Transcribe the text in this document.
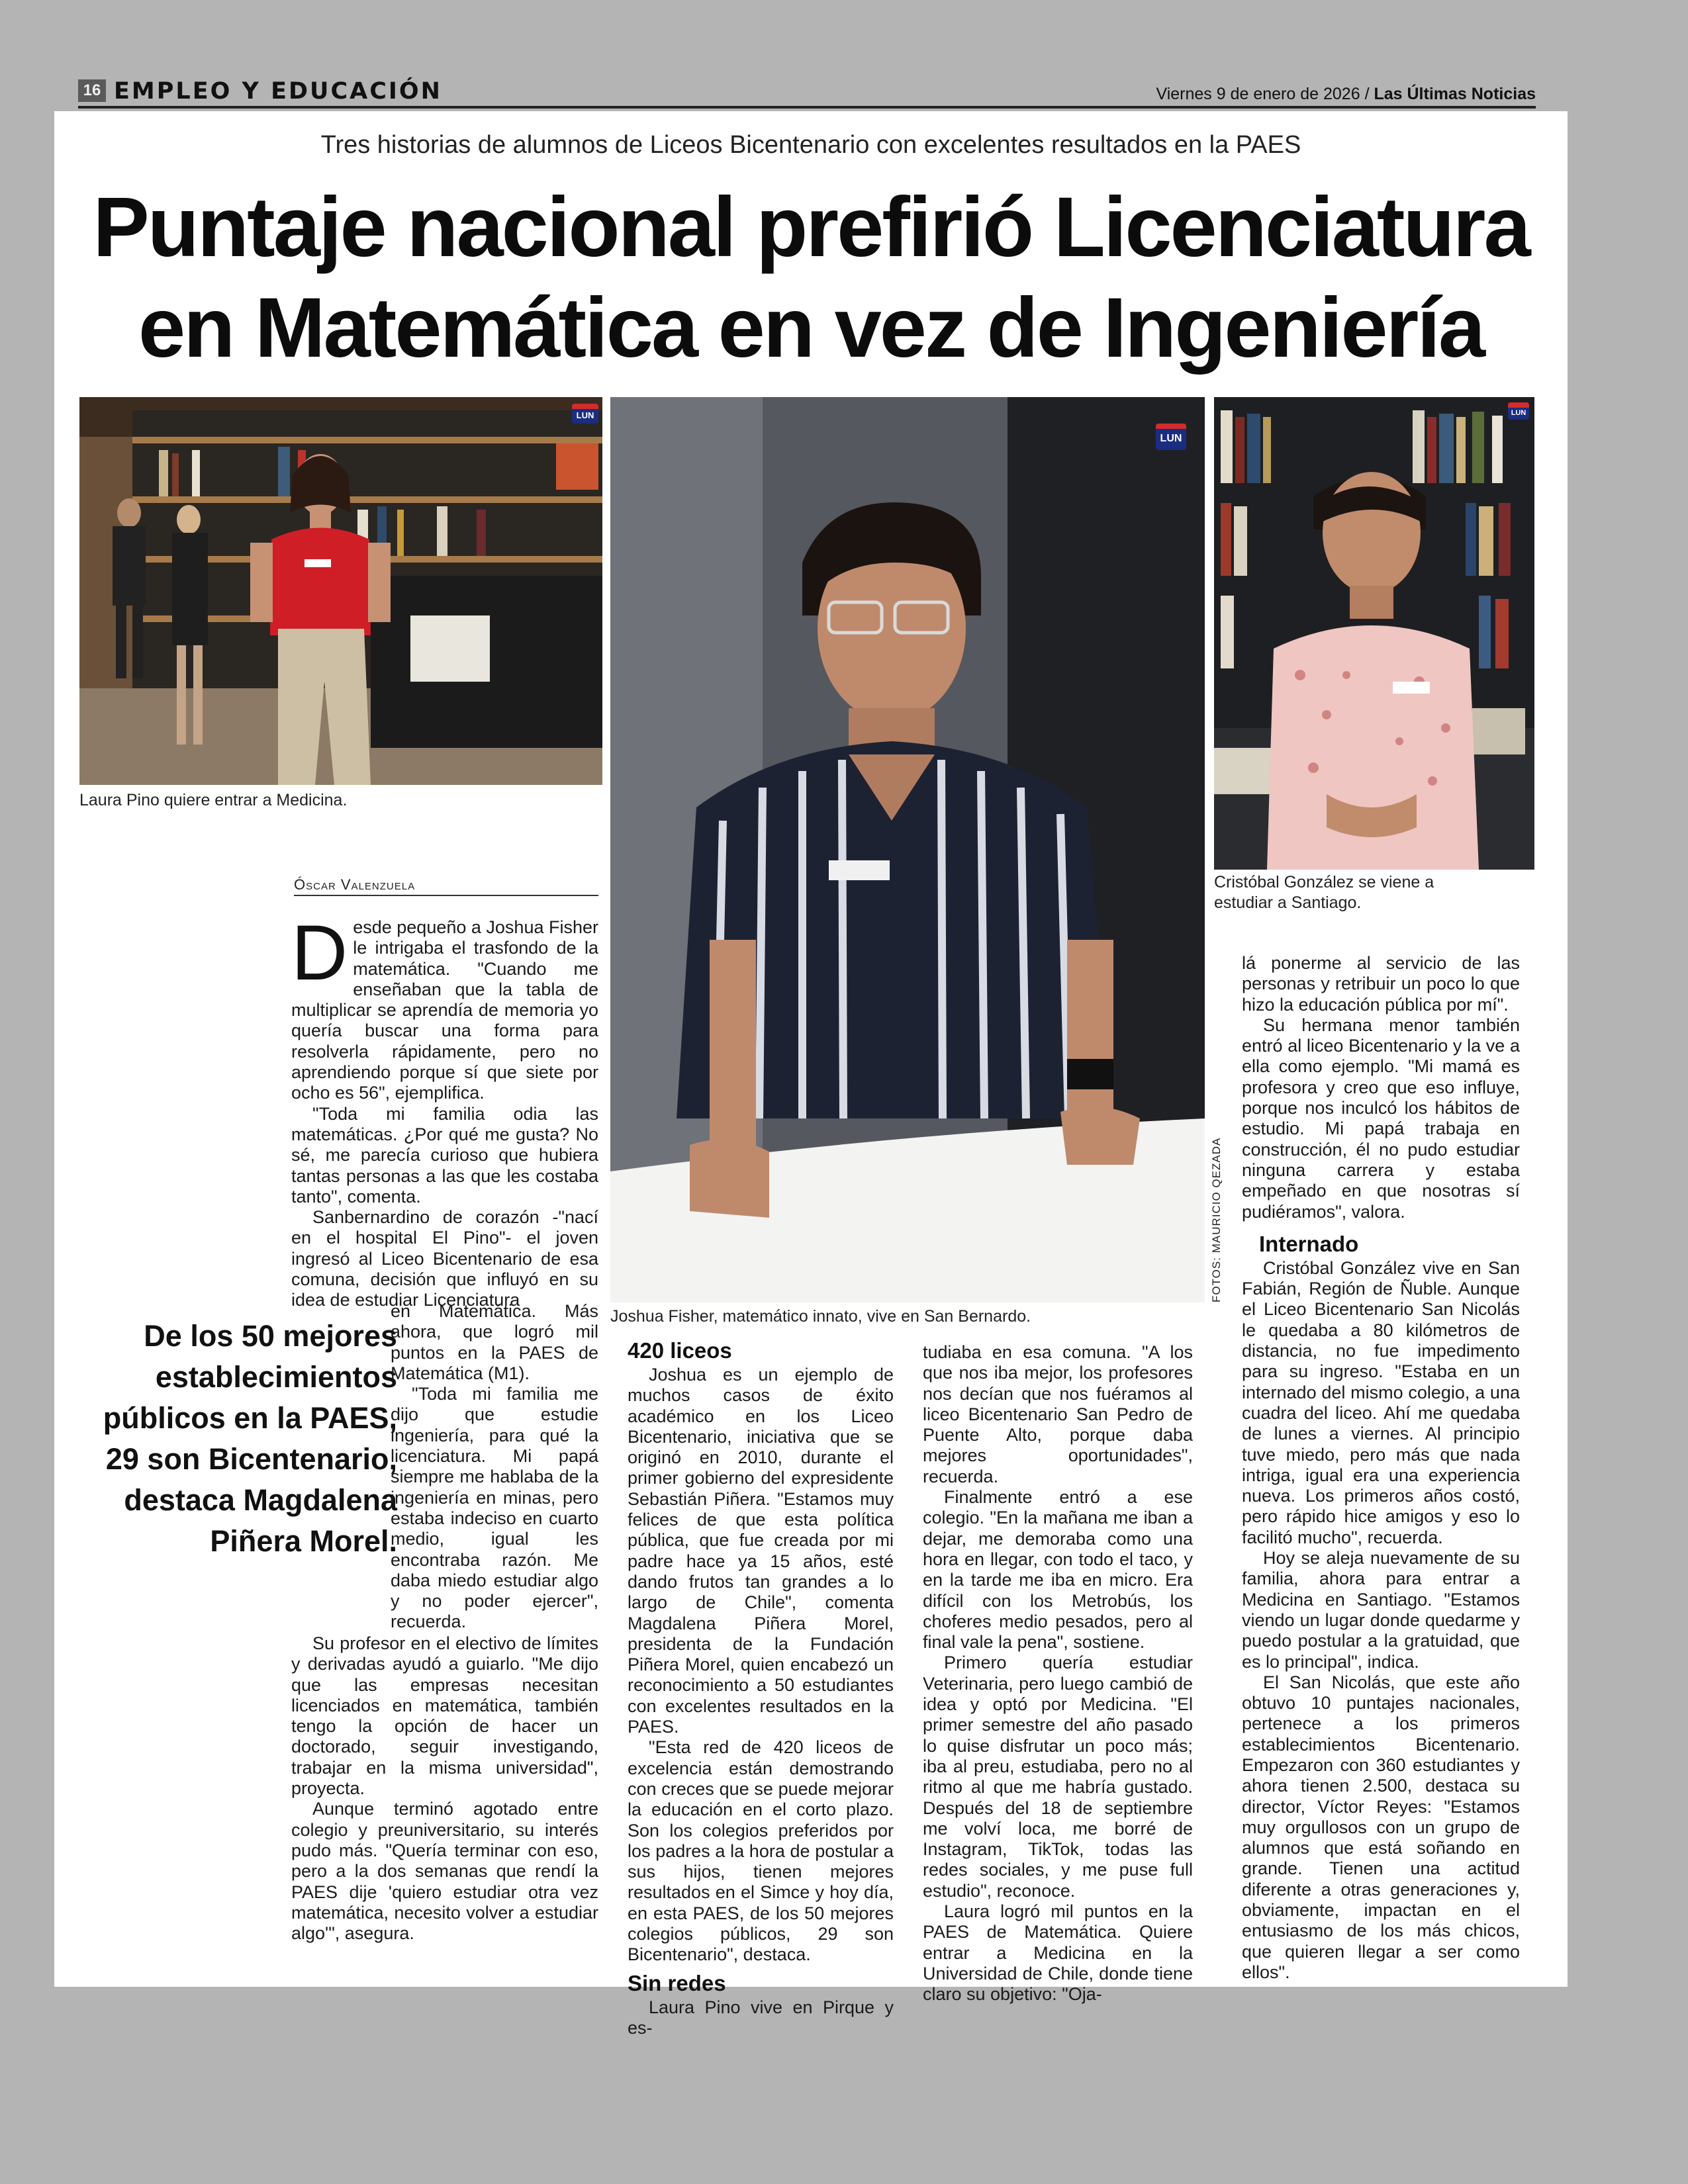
16 EMPLEO Y EDUCACIÓN	Viernes 9 de enero de 2026 / Las Últimas Noticias
Tres historias de alumnos de Liceos Bicentenario con excelentes resultados en la PAES
Puntaje nacional prefirió Licenciatura
en Matemática en vez de Ingeniería
LUN
Laura Pino quiere entrar a Medicina.
LUN
FOTOS: MAURICIO QEZADA
Joshua Fisher, matemático innato, vive en San Bernardo.
LUN
Cristóbal González se viene a
estudiar a Santiago.
Óscar Valenzuela
De los 50 mejores establecimientos públicos en la PAES, 29 son Bicentenario, destaca Magdalena Piñera Morel.

Desde pequeño a Joshua Fisher le intrigaba el trasfondo de la matemática. "Cuando me enseñaban que la tabla de multiplicar se aprendía de memoria yo quería buscar una forma para resolverla rápidamente, pero no aprendiendo porque sí que siete por ocho es 56", ejemplifica.

"Toda mi familia odia las matemáticas. ¿Por qué me gusta? No sé, me parecía curioso que hubiera tantas personas a las que les costaba tanto", comenta.

Sanbernardino de corazón -"nací en el hospital El Pino"- el joven ingresó al Liceo Bicentenario de esa comuna, decisión que influyó en su idea de estudiar Licenciatura

en Matemática. Más ahora, que logró mil puntos en la PAES de Matemática (M1).

"Toda mi familia me dijo que estudie ingeniería, para qué la licenciatura. Mi papá siempre me hablaba de la ingeniería en minas, pero estaba indeciso en cuarto medio, igual les encontraba razón. Me daba miedo estudiar algo y no poder ejercer", recuerda.

Su profesor en el electivo de límites y derivadas ayudó a guiarlo. "Me dijo que las empresas necesitan licenciados en matemática, también tengo la opción de hacer un doctorado, seguir investigando, trabajar en la misma universidad", proyecta.

Aunque terminó agotado entre colegio y preuniversitario, su interés pudo más. "Quería terminar con eso, pero a la dos semanas que rendí la PAES dije 'quiero estudiar otra vez matemática, necesito volver a estudiar algo'", asegura.

420 liceos

Joshua es un ejemplo de muchos casos de éxito académico en los Liceo Bicentenario, iniciativa que se originó en 2010, durante el primer gobierno del expresidente Sebastián Piñera. "Estamos muy felices de que esta política pública, que fue creada por mi padre hace ya 15 años, esté dando frutos tan grandes a lo largo de Chile", comenta Magdalena Piñera Morel, presidenta de la Fundación Piñera Morel, quien encabezó un reconocimiento a 50 estudiantes con excelentes resultados en la PAES.

"Esta red de 420 liceos de excelencia están demostrando con creces que se puede mejorar la educación en el corto plazo. Son los colegios preferidos por los padres a la hora de postular a sus hijos, tienen mejores resultados en el Simce y hoy día, en esta PAES, de los 50 mejores colegios públicos, 29 son Bicentenario", destaca.

Sin redes

Laura Pino vive en Pirque y es-

tudiaba en esa comuna. "A los que nos iba mejor, los profesores nos decían que nos fuéramos al liceo Bicentenario San Pedro de Puente Alto, porque daba mejores oportunidades", recuerda.

Finalmente entró a ese colegio. "En la mañana me iban a dejar, me demoraba como una hora en llegar, con todo el taco, y en la tarde me iba en micro. Era difícil con los Metrobús, los choferes medio pesados, pero al final vale la pena", sostiene.

Primero quería estudiar Veterinaria, pero luego cambió de idea y optó por Medicina. "El primer semestre del año pasado lo quise disfrutar un poco más; iba al preu, estudiaba, pero no al ritmo al que me habría gustado. Después del 18 de septiembre me volví loca, me borré de Instagram, TikTok, todas las redes sociales, y me puse full estudio", reconoce.

Laura logró mil puntos en la PAES de Matemática. Quiere entrar a Medicina en la Universidad de Chile, donde tiene claro su objetivo: "Oja-

lá ponerme al servicio de las personas y retribuir un poco lo que hizo la educación pública por mí".

Su hermana menor también entró al liceo Bicentenario y la ve a ella como ejemplo. "Mi mamá es profesora y creo que eso influye, porque nos inculcó los hábitos de estudio. Mi papá trabaja en construcción, él no pudo estudiar ninguna carrera y estaba empeñado en que nosotras sí pudiéramos", valora.

Internado

Cristóbal González vive en San Fabián, Región de Ñuble. Aunque el Liceo Bicentenario San Nicolás le quedaba a 80 kilómetros de distancia, no fue impedimento para su ingreso. "Estaba en un internado del mismo colegio, a una cuadra del liceo. Ahí me quedaba de lunes a viernes. Al principio tuve miedo, pero más que nada intriga, igual era una experiencia nueva. Los primeros años costó, pero rápido hice amigos y eso lo facilitó mucho", recuerda.

Hoy se aleja nuevamente de su familia, ahora para entrar a Medicina en Santiago. "Estamos viendo un lugar donde quedarme y puedo postular a la gratuidad, que es lo principal", indica.

El San Nicolás, que este año obtuvo 10 puntajes nacionales, pertenece a los primeros establecimientos Bicentenario. Empezaron con 360 estudiantes y ahora tienen 2.500, destaca su director, Víctor Reyes: "Estamos muy orgullosos con un grupo de alumnos que está soñando en grande. Tienen una actitud diferente a otras generaciones y, obviamente, impactan en el entusiasmo de los más chicos, que quieren llegar a ser como ellos".
